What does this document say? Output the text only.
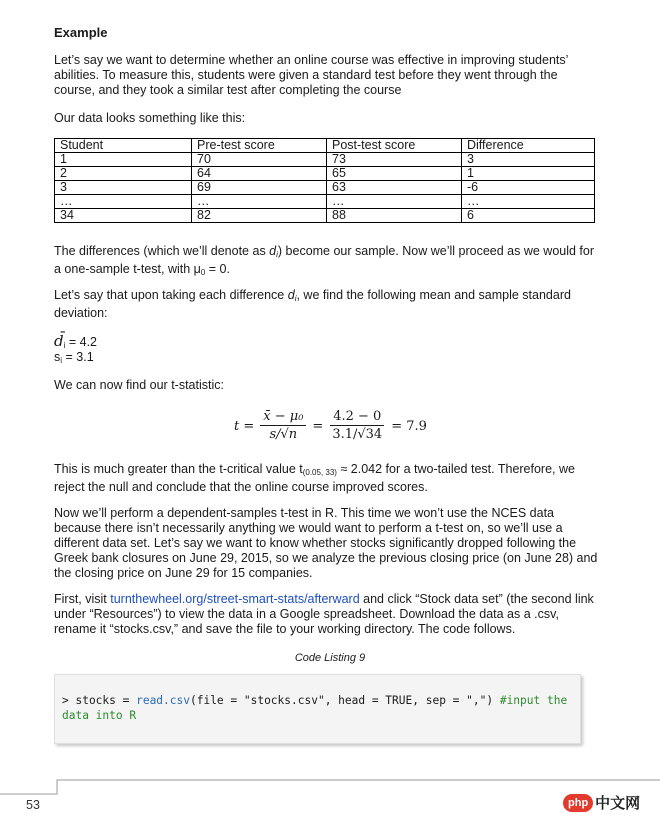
Example
Let’s say we want to determine whether an online course was effective in improving students’ abilities. To measure this, students were given a standard test before they went through the course, and they took a similar test after completing the course
Our data looks something like this:
Student	Pre-test score	Post-test score	Difference
1	70	73	3
2	64	65	1
3	69	63	-6
…	…	…	…
34	82	88	6
The differences (which we’ll denote as $d_i$) become our sample. Now we’ll proceed as we would for a one-sample t-test, with $\mu_0 = 0$.
Let’s say that upon taking each difference $d_i$, we find the following mean and sample standard deviation:
$d̄_i = 4.2$
$s_i = 3.1$
We can now find our t-statistic:
$t = \frac{\text{x̄ − μ₀}}{s/√n} = \frac{4.2 - 0}{3.1/√34} = 7.9$
This is much greater than the t-critical value $t_{(0.05, 33)} \approx 2.042$ for a two-tailed test. Therefore, we reject the null and conclude that the online course improved scores.
Now we’ll perform a dependent-samples t-test in R. This time we won’t use the NCES data because there isn’t necessarily anything we would want to perform a t-test on, so we’ll use a different data set. Let’s say we want to know whether stocks significantly dropped following the Greek bank closures on June 29, 2015, so we analyze the previous closing price (on June 28) and the closing price on June 29 for 15 companies.
First, visit turnthewheel.org/street-smart-stats/afterward and click “Stock data set” (the second link under “Resources”) to view the data in a Google spreadsheet. Download the data as a .csv, rename it “stocks.csv,” and save the file to your working directory. The code follows.
Code Listing 9
> stocks = read.csv(file = "stocks.csv", head = TRUE, sep = ",") #input the data into R
53	php 中文网
